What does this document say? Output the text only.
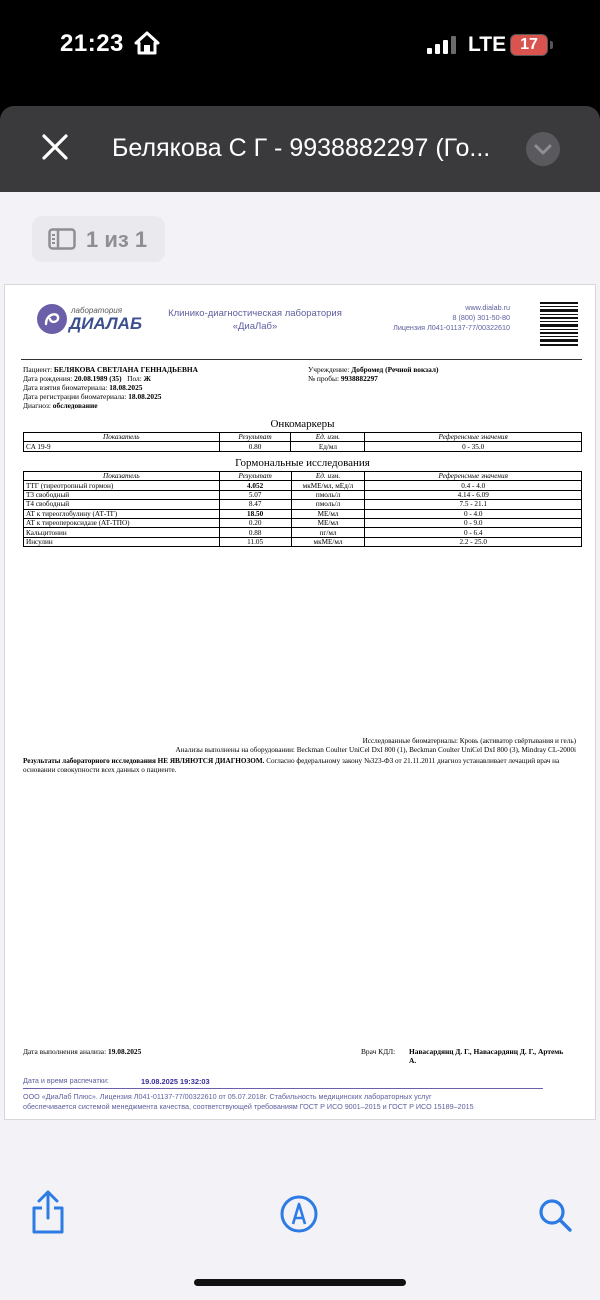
21:23	LTE 17
Белякова С Г - 9938882297 (Го...
1 из 1
лаборатория
ДИАЛАБ
Клинико-диагностическая лаборатория
«ДиаЛаб»
www.dialab.ru
8 (800) 301-50-80
Лицензия Л041-01137-77/00322610
Пациент: БЕЛЯКОВА СВЕТЛАНА ГЕННАДЬЕВНА
Дата рождения: 20.08.1989 (35) Пол: Ж
Дата взятия биоматериала: 18.08.2025
Дата регистрации биоматериала: 18.08.2025
Диагноз: обследование
Учреждение: Добромед (Речной вокзал)
№ пробы: 9938882297
Онкомаркеры
Показатель	Результат	Ед. изм.	Референсные значения
CA 19-9	0.80	Ед/мл	0 - 35.0
Гормональные исследования
Показатель	Результат	Ед. изм.	Референсные значения
ТТГ (тиреотропный гормон)	4.052	мкМЕ/мл, мЕд/л	0.4 - 4.0
Т3 свободный	5.07	пмоль/л	4.14 - 6.09
Т4 свободный	8.47	пмоль/л	7.5 - 21.1
АТ к тиреоглобулину (АТ-ТГ)	18.50	МЕ/мл	0 - 4.0
АТ к тиреопероксидазе (АТ-ТПО)	0.20	МЕ/мл	0 - 9.0
Кальцитонин	0.88	пг/мл	0 - 6.4
Инсулин	11.05	мкМЕ/мл	2.2 - 25.0
Исследованные биоматериалы: Кровь (активатор свёртывания и гель)
Анализы выполнены на оборудовании: Beckman Coulter UniCel DxI 800 (1), Beckman Coulter UniCel DxI 800 (3), Mindray CL-2000i
Результаты лабораторного исследования НЕ ЯВЛЯЮТСЯ ДИАГНОЗОМ. Согласно федеральному закону №323-ФЗ от 21.11.2011 диагноз устанавливает лечащий врач на основании совокупности всех данных о пациенте.
Дата выполнения анализа: 19.08.2025	Врач КДЛ: Навасардянц Д. Г., Навасардянц Д. Г., Артемь
А.
Дата и время распечатки:	19.08.2025 19:32:03
ООО «ДиаЛаб Плюс». Лицензия Л041-01137-77/00322610 от 05.07.2018г. Стабильность медицинских лабораторных услуг
обеспечивается системой менеджмента качества, соответствующей требованиям ГОСТ Р ИСО 9001–2015 и ГОСТ Р ИСО 15189–2015
